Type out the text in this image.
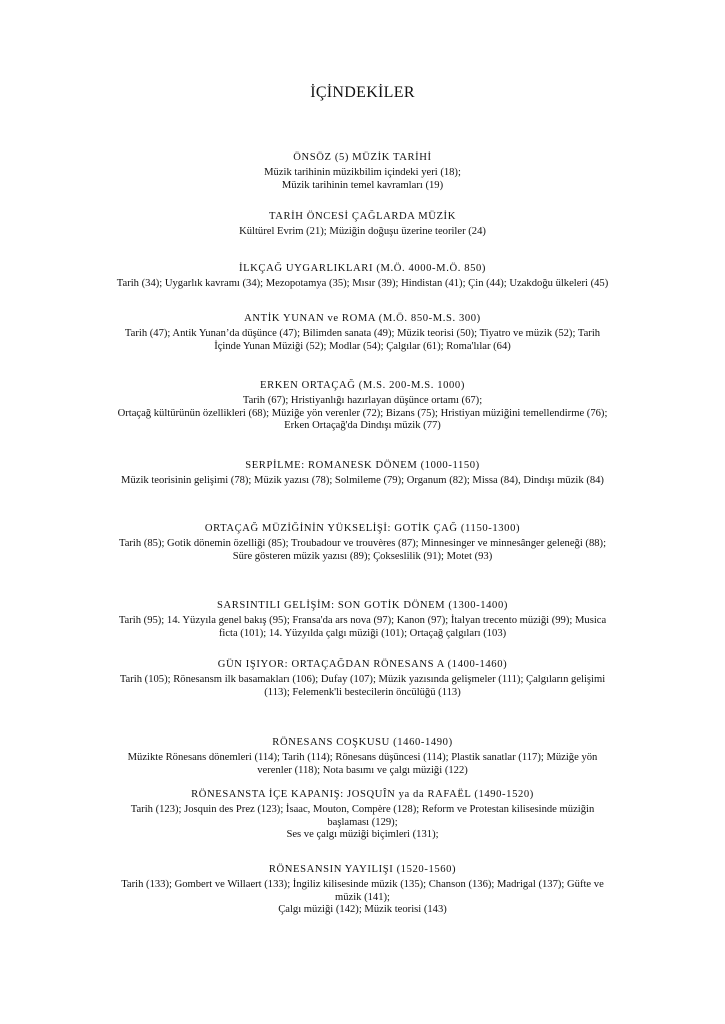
İÇİNDEKİLER
ÖNSÖZ (5) MÜZİK TARİHİ
Müzik tarihinin müzikbilim içindeki yeri (18);
Müzik tarihinin temel kavramları (19)
TARİH ÖNCESİ ÇAĞLARDA MÜZİK
Kültürel Evrim (21); Müziğin doğuşu üzerine teoriler (24)
İLKÇAĞ UYGARLIKLARI (M.Ö. 4000-M.Ö. 850)
Tarih (34); Uygarlık kavramı (34); Mezopotamya (35); Mısır (39); Hindistan (41); Çin (44); Uzakdoğu ülkeleri (45)
ANTİK YUNAN ve ROMA (M.Ö. 850-M.S. 300)
Tarih (47); Antik Yunan’da düşünce (47); Bilimden sanata (49); Müzik teorisi (50); Tiyatro ve müzik (52); Tarih
İçinde Yunan Müziği (52); Modlar (54); Çalgılar (61); Roma'lılar (64)
ERKEN ORTAÇAĞ (M.S. 200-M.S. 1000)
Tarih (67); Hristiyanlığı hazırlayan düşünce ortamı (67);
Ortaçağ kültürünün özellikleri (68); Müziğe yön verenler (72); Bizans (75); Hristiyan müziğini temellendirme (76);
Erken Ortaçağ'da Dindışı müzik (77)
SERPİLME: ROMANESK DÖNEM (1000-1150)
Müzik teorisinin gelişimi (78); Müzik yazısı (78); Solmileme (79); Organum (82); Missa (84), Dindışı müzik (84)
ORTAÇAĞ MÜZİĞİNİN YÜKSELİŞİ: GOTİK ÇAĞ (1150-1300)
Tarih (85); Gotik dönemin özelliği (85); Troubadour ve trouvères (87); Minnesinger ve minnesânger geleneği (88);
Süre gösteren müzik yazısı (89); Çokseslilik (91); Motet (93)
SARSINTILI GELİŞİM: SON GOTİK DÖNEM (1300-1400)
Tarih (95); 14. Yüzyıla genel bakış (95); Fransa'da ars nova (97); Kanon (97); İtalyan trecento müziği (99); Musica
ficta (101); 14. Yüzyılda çalgı müziği (101); Ortaçağ çalgıları (103)
GÜN IŞIYOR: ORTAÇAĞDAN RÖNESANS A (1400-1460)
Tarih (105); Rönesansm ilk basamakları (106); Dufay (107); Müzik yazısında gelişmeler (111); Çalgıların gelişimi
(113); Felemenk'li bestecilerin öncülüğü (113)
RÖNESANS COŞKUSU (1460-1490)
Müzikte Rönesans dönemleri (114); Tarih (114); Rönesans düşüncesi (114); Plastik sanatlar (117); Müziğe yön
verenler (118); Nota basımı ve çalgı müziği (122)
RÖNESANSTA İÇE KAPANIŞ: JOSQUÎN ya da RAFAËL (1490-1520)
Tarih (123); Josquin des Prez (123); İsaac, Mouton, Compère (128); Reform ve Protestan kilisesinde müziğin
başlaması (129);
Ses ve çalgı müziği biçimleri (131);
RÖNESANSIN YAYILIŞI (1520-1560)
Tarih (133); Gombert ve Willaert (133); İngiliz kilisesinde müzik (135); Chanson (136); Madrigal (137); Güfte ve
müzik (141);
Çalgı müziği (142); Müzik teorisi (143)
